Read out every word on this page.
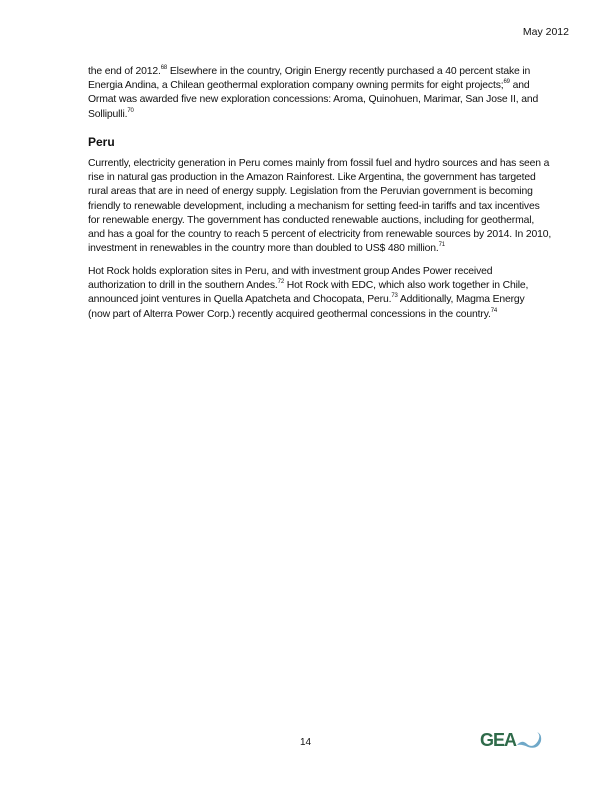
May 2012
the end of 2012.68 Elsewhere in the country, Origin Energy recently purchased a 40 percent stake in
Energia Andina, a Chilean geothermal exploration company owning permits for eight projects;$^{69}$ and
Ormat was awarded five new exploration concessions: Aroma, Quinohuen, Marimar, San Jose II, and
Sollipulli.$^{70}$
Peru
Currently, electricity generation in Peru comes mainly from fossil fuel and hydro sources and has seen a
rise in natural gas production in the Amazon Rainforest. Like Argentina, the government has targeted
rural areas that are in need of energy supply. Legislation from the Peruvian government is becoming
friendly to renewable development, including a mechanism for setting feed-in tariffs and tax incentives
for renewable energy. The government has conducted renewable auctions, including for geothermal,
and has a goal for the country to reach 5 percent of electricity from renewable sources by 2014. In 2010,
investment in renewables in the country more than doubled to US$ 480 million.$^{71}$
Hot Rock holds exploration sites in Peru, and with investment group Andes Power received
authorization to drill in the southern Andes.$^{72}$ Hot Rock with EDC, which also work together in Chile,
announced joint ventures in Quella Apatcheta and Chocopata, Peru.$^{73}$ Additionally, Magma Energy
(now part of Alterra Power Corp.) recently acquired geothermal concessions in the country.$^{74}$
14	GEA
